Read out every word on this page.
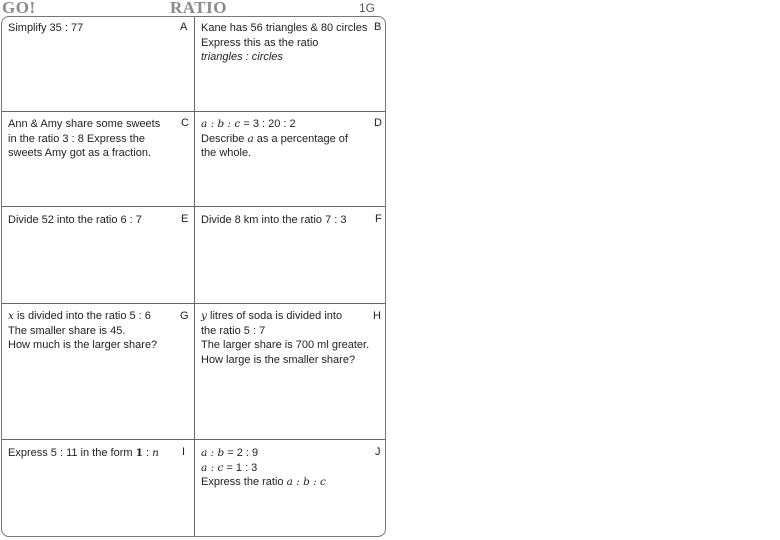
GO!	RATIO	1G
Simplify 35 : 77	A Kane has 56 triangles & 80 circles
Express this as the ratio
triangles : circles
B
Ann & Amy share some sweets
in the ratio 3 : 8 Express the
sweets Amy got as a fraction.
C a : b : c = 3 : 20 : 2
Describe a as a percentage of
the whole.
D
Divide 52 into the ratio 6 : 7	E Divide 8 km into the ratio 7 : 3	F
x is divided into the ratio 5 : 6
The smaller share is 45.
How much is the larger share?
G y litres of soda is divided into
the ratio 5 : 7
The larger share is 700 ml greater.
How large is the smaller share?
H
Express 5 : 11 in the form 1 : n I a : b = 2 : 9
a : c = 1 : 3
Express the ratio a : b : c
J
